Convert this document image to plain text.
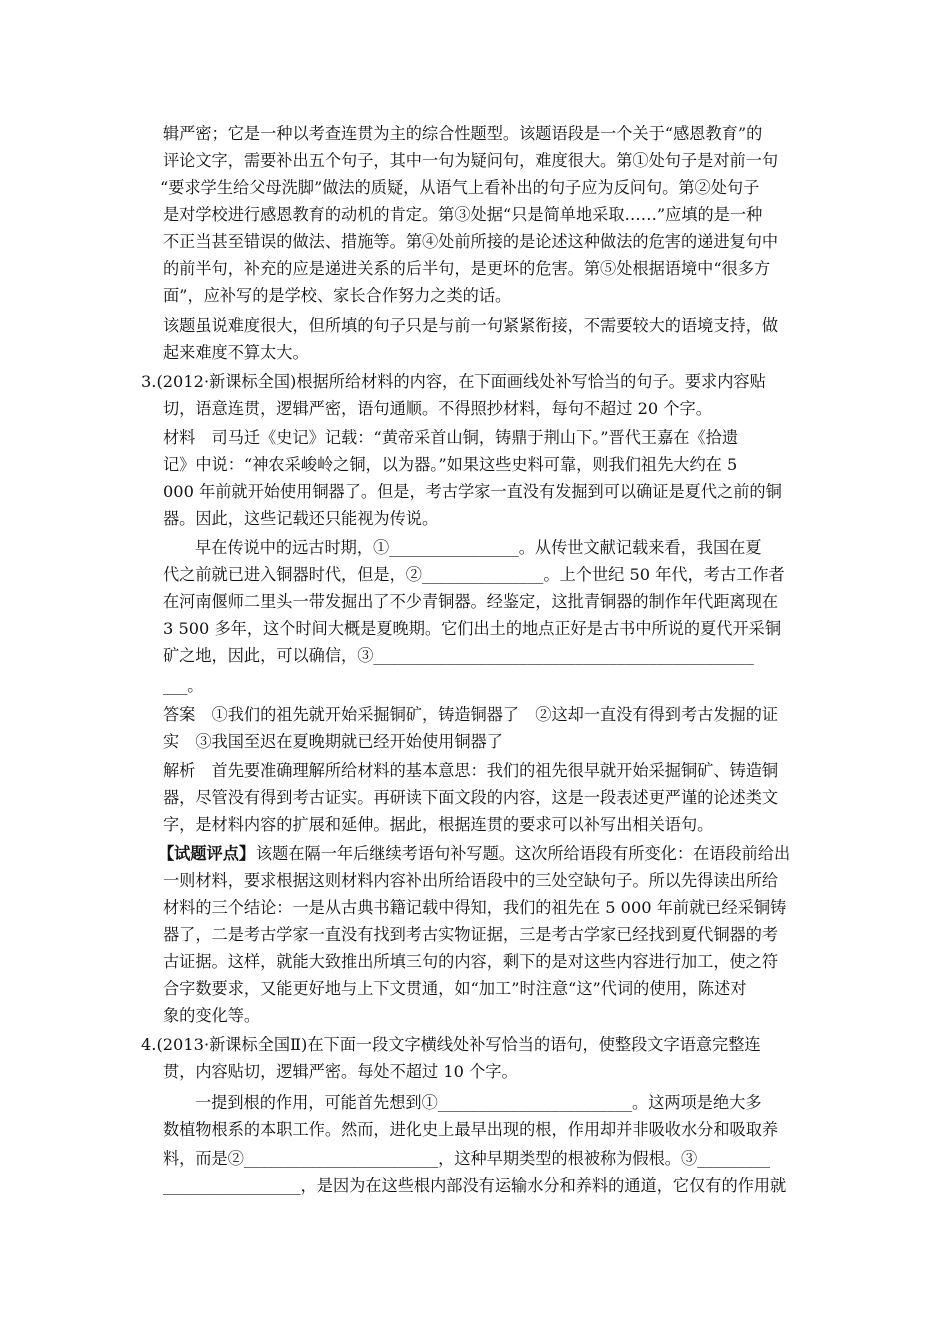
辑严密；它是一种以考查连贯为主的综合性题型。该题语段是一个关于“感恩教育”的
评论文字，需要补出五个句子，其中一句为疑问句，难度很大。第①处句子是对前一句
“要求学生给父母洗脚”做法的质疑，从语气上看补出的句子应为反问句。第②处句子
是对学校进行感恩教育的动机的肯定。第③处据“只是简单地采取……”应填的是一种
不正当甚至错误的做法、措施等。第④处前所接的是论述这种做法的危害的递进复句中
的前半句，补充的应是递进关系的后半句，是更坏的危害。第⑤处根据语境中“很多方
面”，应补写的是学校、家长合作努力之类的话。
该题虽说难度很大，但所填的句子只是与前一句紧紧衔接，不需要较大的语境支持，做
起来难度不算太大。
3.(2012·新课标全国)根据所给材料的内容，在下面画线处补写恰当的句子。要求内容贴
切，语意连贯，逻辑严密，语句通顺。不得照抄材料，每句不超过 20 个字。
材料　司马迁《史记》记载：“黄帝采首山铜，铸鼎于荆山下。”晋代王嘉在《拾遗
记》中说：“神农采峻岭之铜，以为器。”如果这些史料可靠，则我们祖先大约在 5
000 年前就开始使用铜器了。但是，考古学家一直没有发掘到可以确证是夏代之前的铜
器。因此，这些记载还只能视为传说。
早在传说中的远古时期，①________________。从传世文献记载来看，我国在夏
代之前就已进入铜器时代，但是，②_______________。上个世纪 50 年代，考古工作者
在河南偃师二里头一带发掘出了不少青铜器。经鉴定，这批青铜器的制作年代距离现在
3 500 多年，这个时间大概是夏晚期。它们出土的地点正好是古书中所说的夏代开采铜
矿之地，因此，可以确信，③_______________________________________________
___。
答案　①我们的祖先就开始采掘铜矿，铸造铜器了　②这却一直没有得到考古发掘的证
实　③我国至迟在夏晚期就已经开始使用铜器了
解析　首先要准确理解所给材料的基本意思：我们的祖先很早就开始采掘铜矿、铸造铜
器，尽管没有得到考古证实。再研读下面文段的内容，这是一段表述更严谨的论述类文
字，是材料内容的扩展和延伸。据此，根据连贯的要求可以补写出相关语句。
【试题评点】 该题在隔一年后继续考语句补写题。这次所给语段有所变化：在语段前给出
一则材料，要求根据这则材料内容补出所给语段中的三处空缺句子。所以先得读出所给
材料的三个结论：一是从古典书籍记载中得知，我们的祖先在 5 000 年前就已经采铜铸
器了，二是考古学家一直没有找到考古实物证据，三是考古学家已经找到夏代铜器的考
古证据。这样，就能大致推出所填三句的内容，剩下的是对这些内容进行加工，使之符
合字数要求，又能更好地与上下文贯通，如“加工”时注意“这”代词的使用，陈述对
象的变化等。
4.(2013·新课标全国Ⅱ)在下面一段文字横线处补写恰当的语句，使整段文字语意完整连
贯，内容贴切，逻辑严密。每处不超过 10 个字。
一提到根的作用，可能首先想到①________________________。这两项是绝大多
数植物根系的本职工作。然而，进化史上最早出现的根，作用却并非吸收水分和吸取养
料，而是②________________________，这种早期类型的根被称为假根。③_________
_________________，是因为在这些根内部没有运输水分和养料的通道，它仅有的作用就
